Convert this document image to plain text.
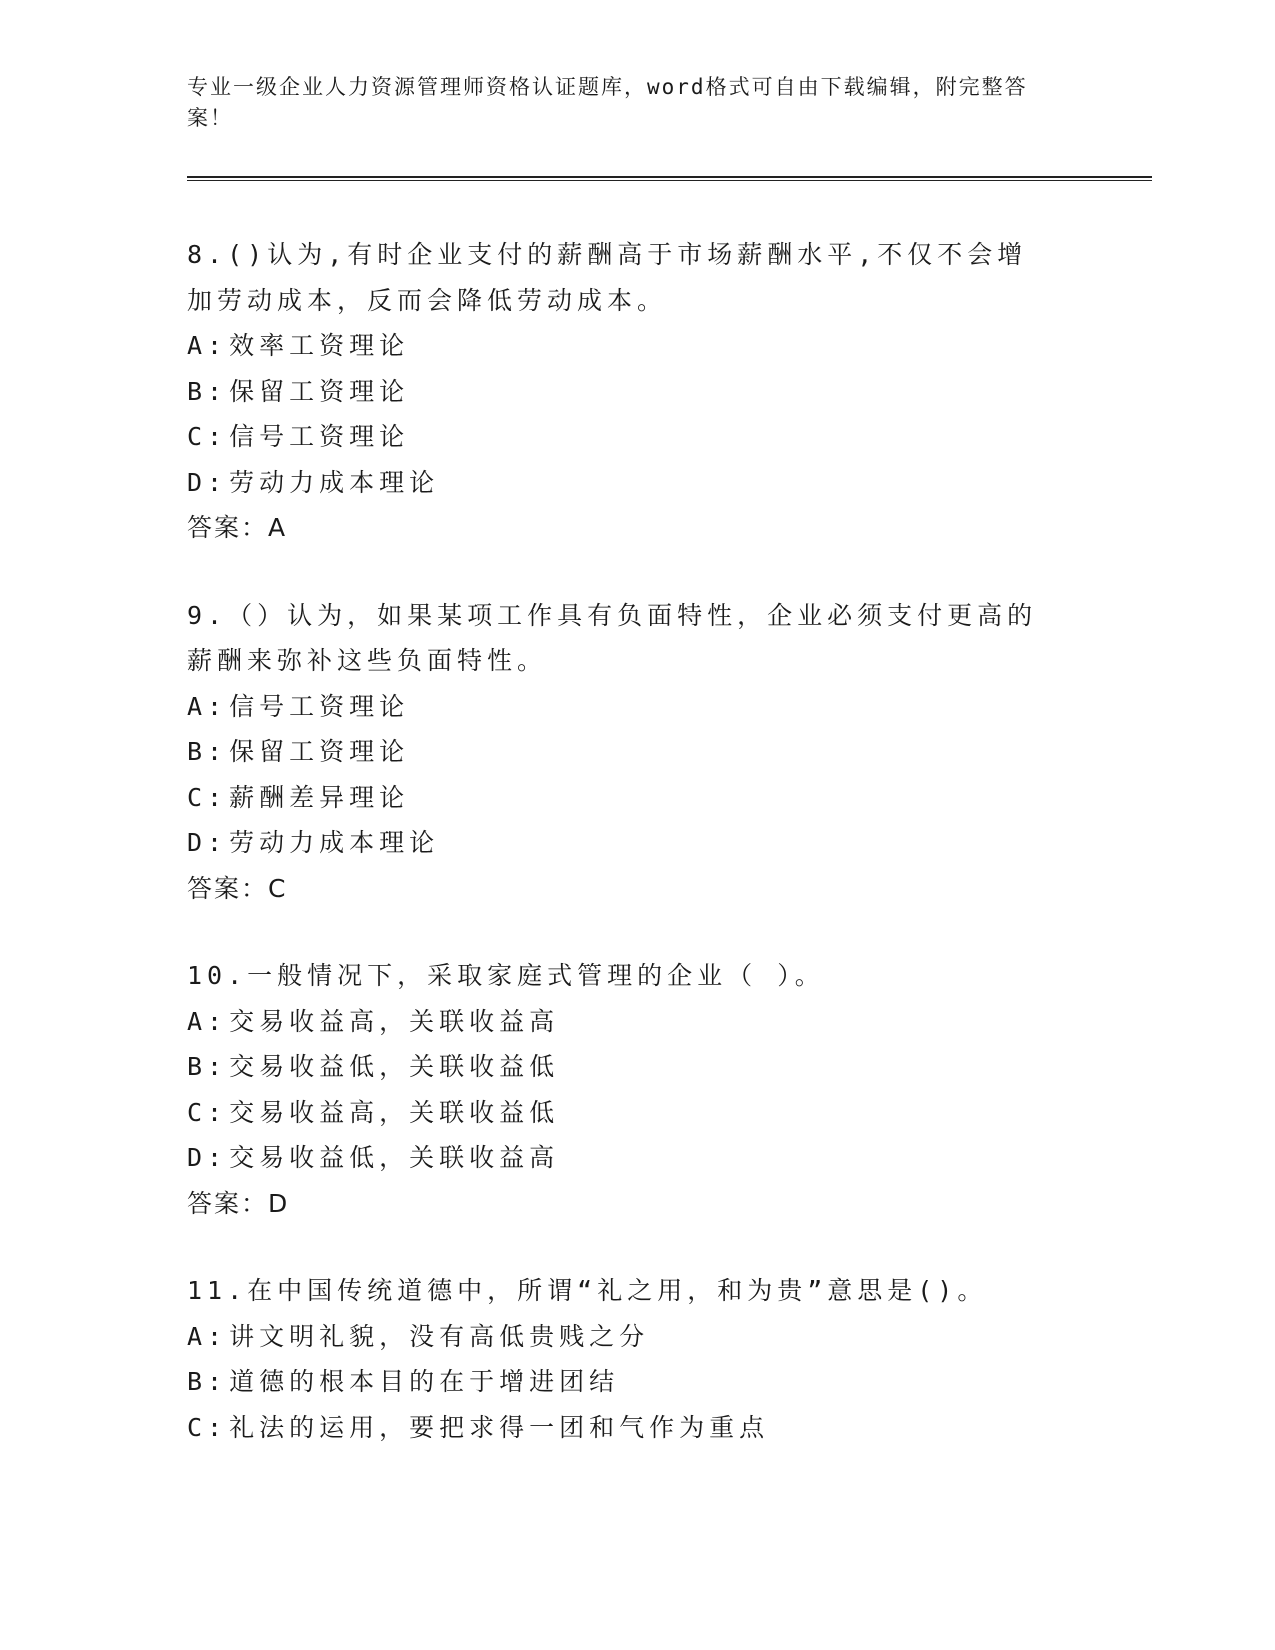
专业一级企业人力资源管理师资格认证题库，word格式可自由下载编辑，附完整答案！
8.()认为,有时企业支付的薪酬高于市场薪酬水平,不仅不会增加劳动成本，反而会降低劳动成本。
A:效率工资理论
B:保留工资理论
C:信号工资理论
D:劳动力成本理论
答案：A
9.（）认为，如果某项工作具有负面特性，企业必须支付更高的薪酬来弥补这些负面特性。
A:信号工资理论
B:保留工资理论
C:薪酬差异理论
D:劳动力成本理论
答案：C
10.一般情况下，采取家庭式管理的企业（ ）。
A:交易收益高，关联收益高
B:交易收益低，关联收益低
C:交易收益高，关联收益低
D:交易收益低，关联收益高
答案：D
11.在中国传统道德中，所谓“礼之用，和为贵”意思是()。
A:讲文明礼貌，没有高低贵贱之分
B:道德的根本目的在于增进团结
C:礼法的运用，要把求得一团和气作为重点
